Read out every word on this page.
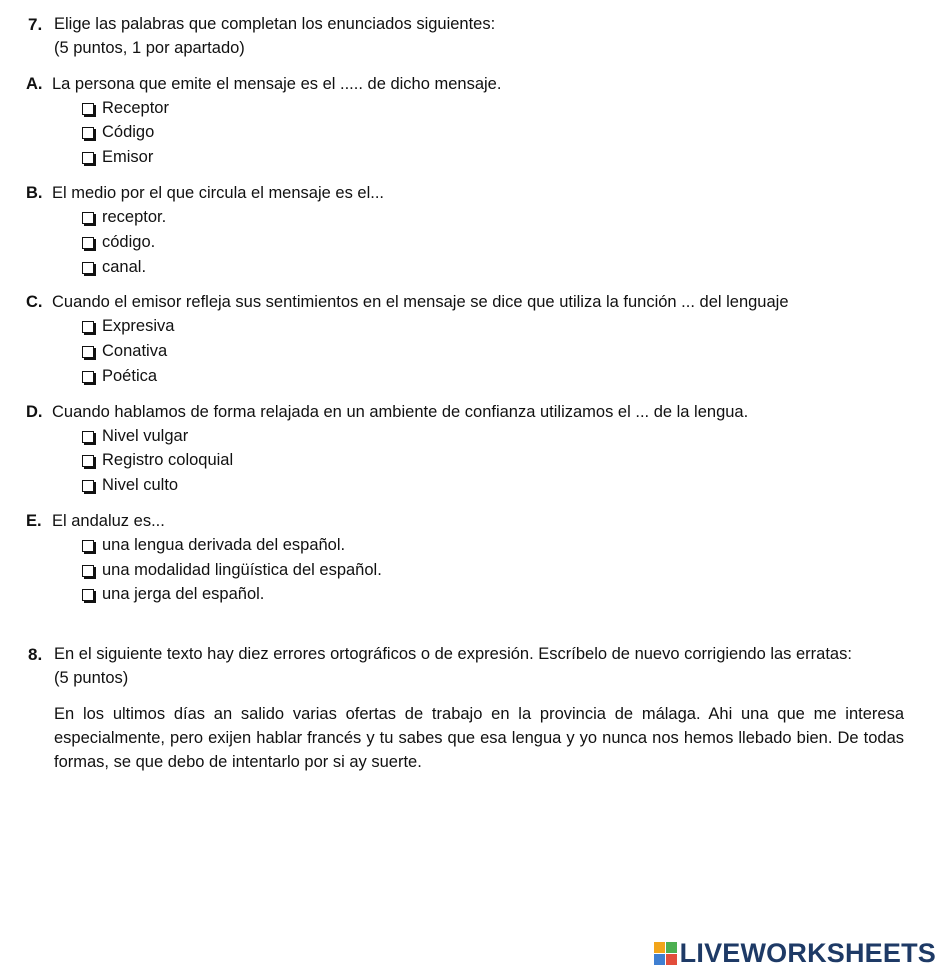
7. Elige las palabras que completan los enunciados siguientes:
(5 puntos, 1 por apartado)
A. La persona que emite el mensaje es el ..... de dicho mensaje.
Receptor
Código
Emisor
B. El medio por el que circula el mensaje es el...
receptor.
código.
canal.
C. Cuando el emisor refleja sus sentimientos en el mensaje se dice que utiliza la función ... del lenguaje
Expresiva
Conativa
Poética
D. Cuando hablamos de forma relajada en un ambiente de confianza utilizamos el ... de la lengua.
Nivel vulgar
Registro coloquial
Nivel culto
E. El andaluz es...
una lengua derivada del español.
una modalidad lingüística del español.
una jerga del español.
8. En el siguiente texto hay diez errores ortográficos o de expresión. Escríbelo de nuevo corrigiendo las erratas:
(5 puntos)
En los ultimos días an salido varias ofertas de trabajo en la provincia de málaga. Ahi una que me interesa especialmente, pero exijen hablar francés y tu sabes que esa lengua y yo nunca nos hemos llebado bien. De todas formas, se que debo de intentarlo por si ay suerte.
LIVEWORKSHEETS
